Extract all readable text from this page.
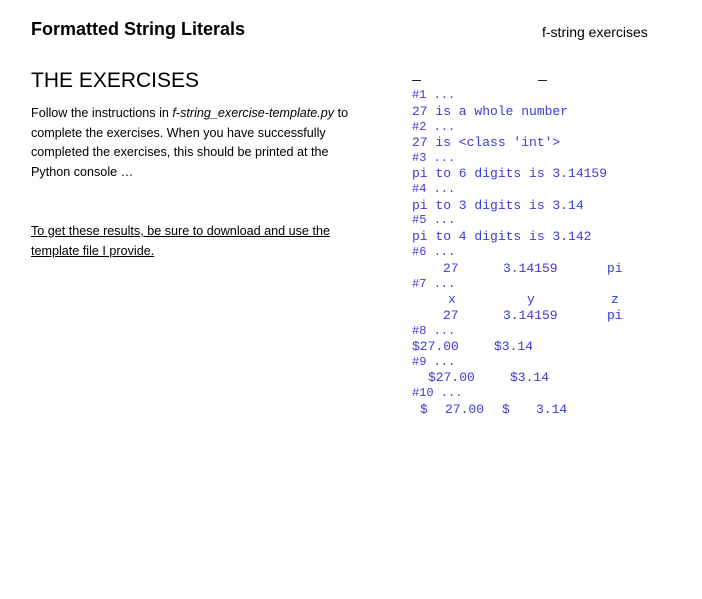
Formatted String Literals	f-string exercises
THE EXERCISES
Follow the instructions in f-string_exercise-template.py to
complete the exercises. When you have successfully
completed the exercises, this should be printed at the
Python console …
To get these results, be sure to download and use the
template file I provide.
#1 ...
27 is a whole number
#2 ...
27 is <class 'int'>
#3 ...
pi to 6 digits is 3.14159
#4 ...
pi to 3 digits is 3.14
#5 ...
pi to 4 digits is 3.142
#6 ...
27	3.14159	pi
#7 ...
x	y	z
27	3.14159	pi
#8 ...
$27.00	$3.14
#9 ...
$27.00	$3.14
#10 ...
$ 27.00 $ 3.14
